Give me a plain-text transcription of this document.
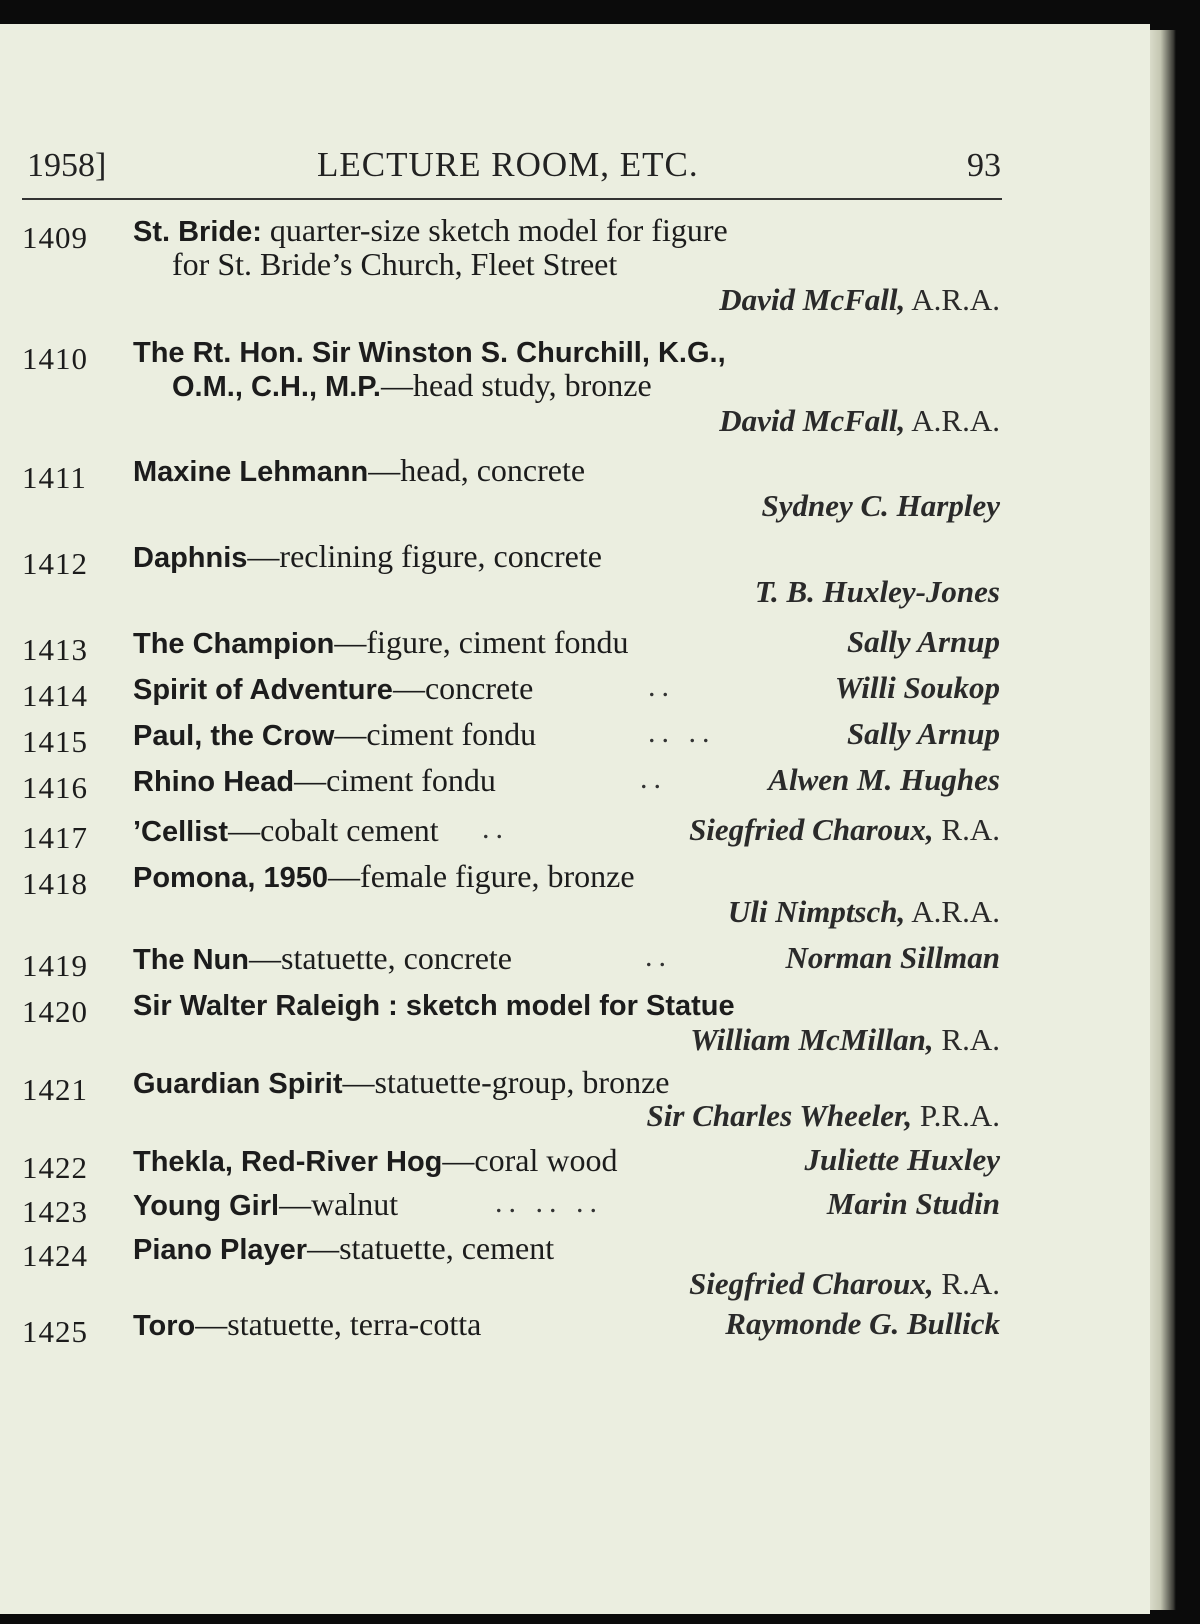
1958]	LECTURE ROOM, ETC.	93
1409 St. Bride: quarter-size sketch model for figure
for St. Bride’s Church, Fleet Street
David McFall, A.R.A.
1410 The Rt. Hon. Sir Winston S. Churchill, K.G.,
O.M., C.H., M.P.—head study, bronze
David McFall, A.R.A.
1411 Maxine Lehmann—head, concrete
Sydney C. Harpley
1412 Daphnis—reclining figure, concrete
T. B. Huxley-Jones
1413 The Champion—figure, ciment fondu	Sally Arnup
1414 Spirit of Adventure—concrete	..	Willi Soukop
1415 Paul, the Crow—ciment fondu	.. ..	Sally Arnup
1416 Rhino Head—ciment fondu	..	Alwen M. Hughes
1417 ’Cellist—cobalt cement ..	Siegfried Charoux, R.A.
1418 Pomona, 1950—female figure, bronze
Uli Nimptsch, A.R.A.
1419 The Nun—statuette, concrete	..	Norman Sillman
1420 Sir Walter Raleigh : sketch model for Statue
William McMillan, R.A.
1421 Guardian Spirit—statuette-group, bronze
Sir Charles Wheeler, P.R.A.
1422 Thekla, Red-River Hog—coral wood	Juliette Huxley
1423 Young Girl—walnut	.. .. ..	Marin Studin
1424 Piano Player—statuette, cement
Siegfried Charoux, R.A.
1425 Toro—statuette, terra-cotta	Raymonde G. Bullick
